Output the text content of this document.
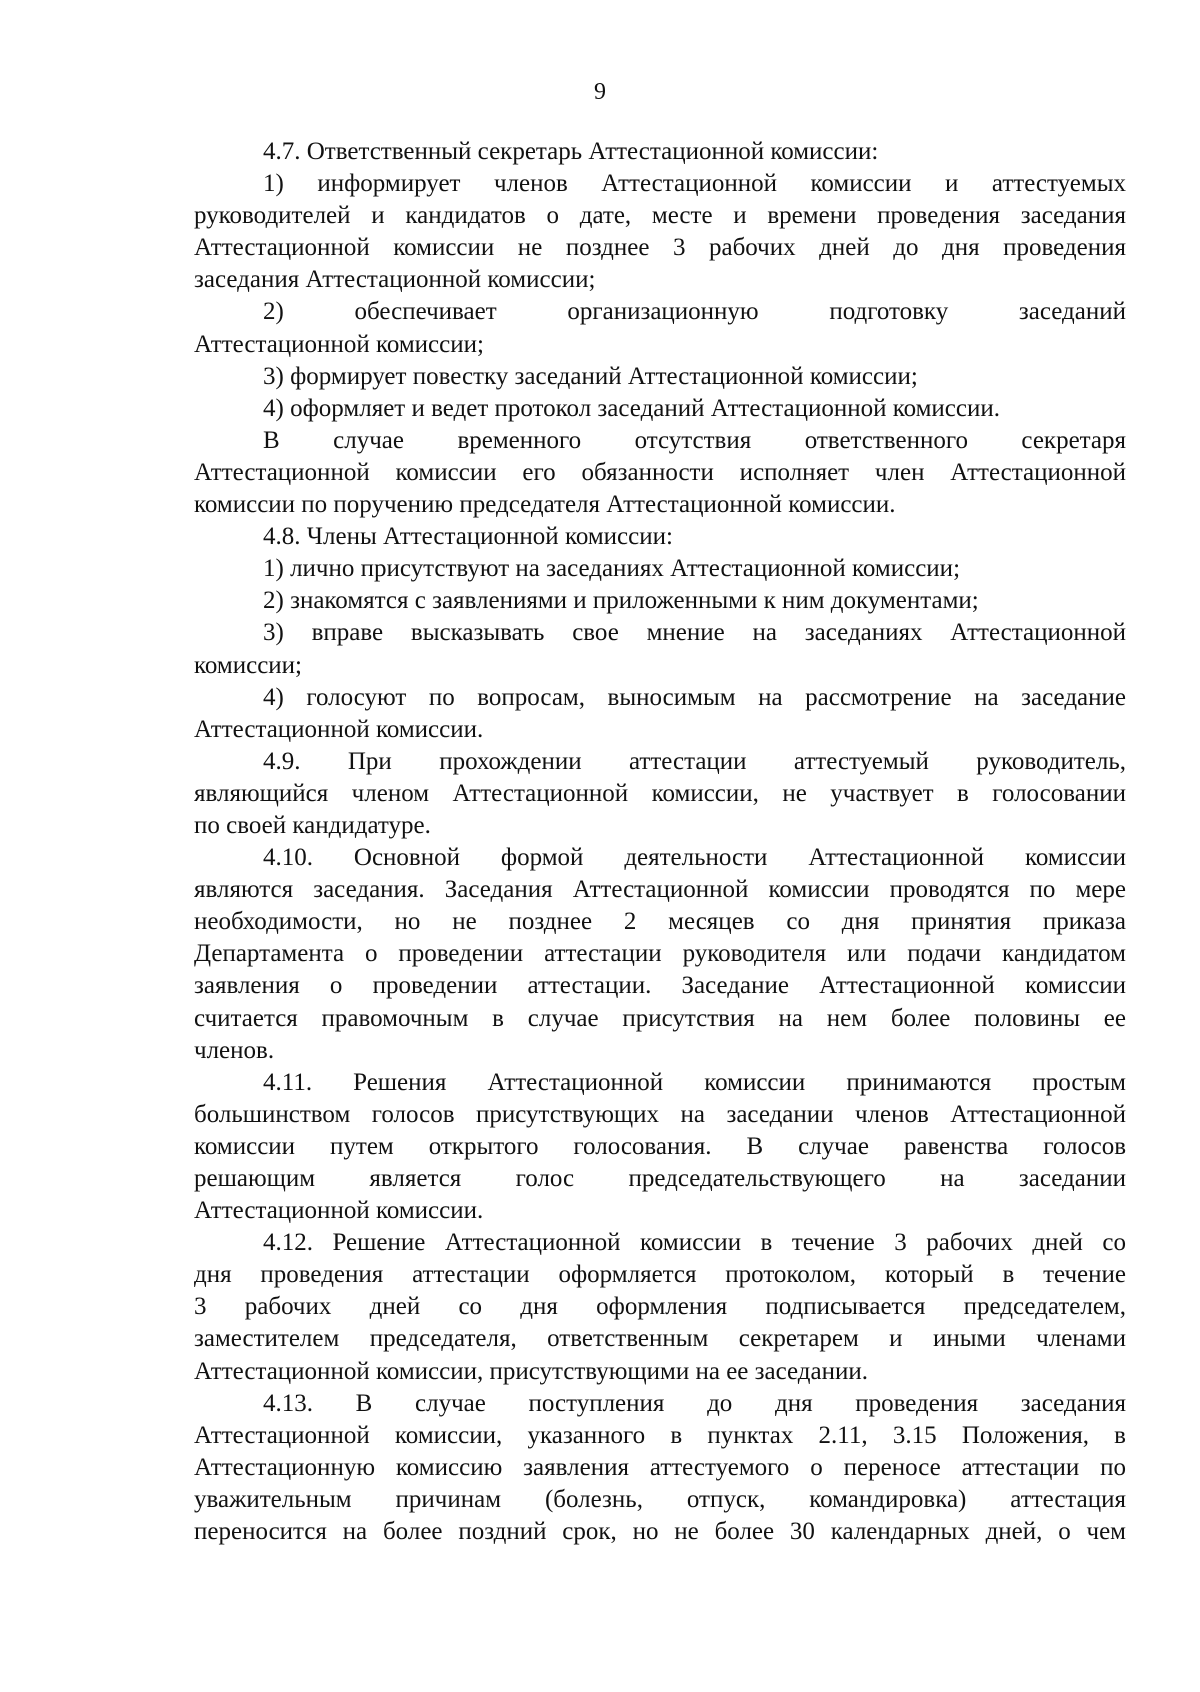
9
4.7. Ответственный секретарь Аттестационной комиссии:
1) информирует членов Аттестационной комиссии и аттестуемых
руководителей и кандидатов о дате, месте и времени проведения заседания
Аттестационной комиссии не позднее 3 рабочих дней до дня проведения
заседания Аттестационной комиссии;
2) обеспечивает организационную подготовку заседаний
Аттестационной комиссии;
3) формирует повестку заседаний Аттестационной комиссии;
4) оформляет и ведет протокол заседаний Аттестационной комиссии.
В случае временного отсутствия ответственного секретаря
Аттестационной комиссии его обязанности исполняет член Аттестационной
комиссии по поручению председателя Аттестационной комиссии.
4.8. Члены Аттестационной комиссии:
1) лично присутствуют на заседаниях Аттестационной комиссии;
2) знакомятся с заявлениями и приложенными к ним документами;
3) вправе высказывать свое мнение на заседаниях Аттестационной
комиссии;
4) голосуют по вопросам, выносимым на рассмотрение на заседание
Аттестационной комиссии.
4.9. При прохождении аттестации аттестуемый руководитель,
являющийся членом Аттестационной комиссии, не участвует в голосовании
по своей кандидатуре.
4.10. Основной формой деятельности Аттестационной комиссии
являются заседания. Заседания Аттестационной комиссии проводятся по мере
необходимости, но не позднее 2 месяцев со дня принятия приказа
Департамента о проведении аттестации руководителя или подачи кандидатом
заявления о проведении аттестации. Заседание Аттестационной комиссии
считается правомочным в случае присутствия на нем более половины ее
членов.
4.11. Решения Аттестационной комиссии принимаются простым
большинством голосов присутствующих на заседании членов Аттестационной
комиссии путем открытого голосования. В случае равенства голосов
решающим является голос председательствующего на заседании
Аттестационной комиссии.
4.12. Решение Аттестационной комиссии в течение 3 рабочих дней со
дня проведения аттестации оформляется протоколом, который в течение
3 рабочих дней со дня оформления подписывается председателем,
заместителем председателя, ответственным секретарем и иными членами
Аттестационной комиссии, присутствующими на ее заседании.
4.13. В случае поступления до дня проведения заседания
Аттестационной комиссии, указанного в пунктах 2.11, 3.15 Положения, в
Аттестационную комиссию заявления аттестуемого о переносе аттестации по
уважительным причинам (болезнь, отпуск, командировка) аттестация
переносится на более поздний срок, но не более 30 календарных дней, о чем
